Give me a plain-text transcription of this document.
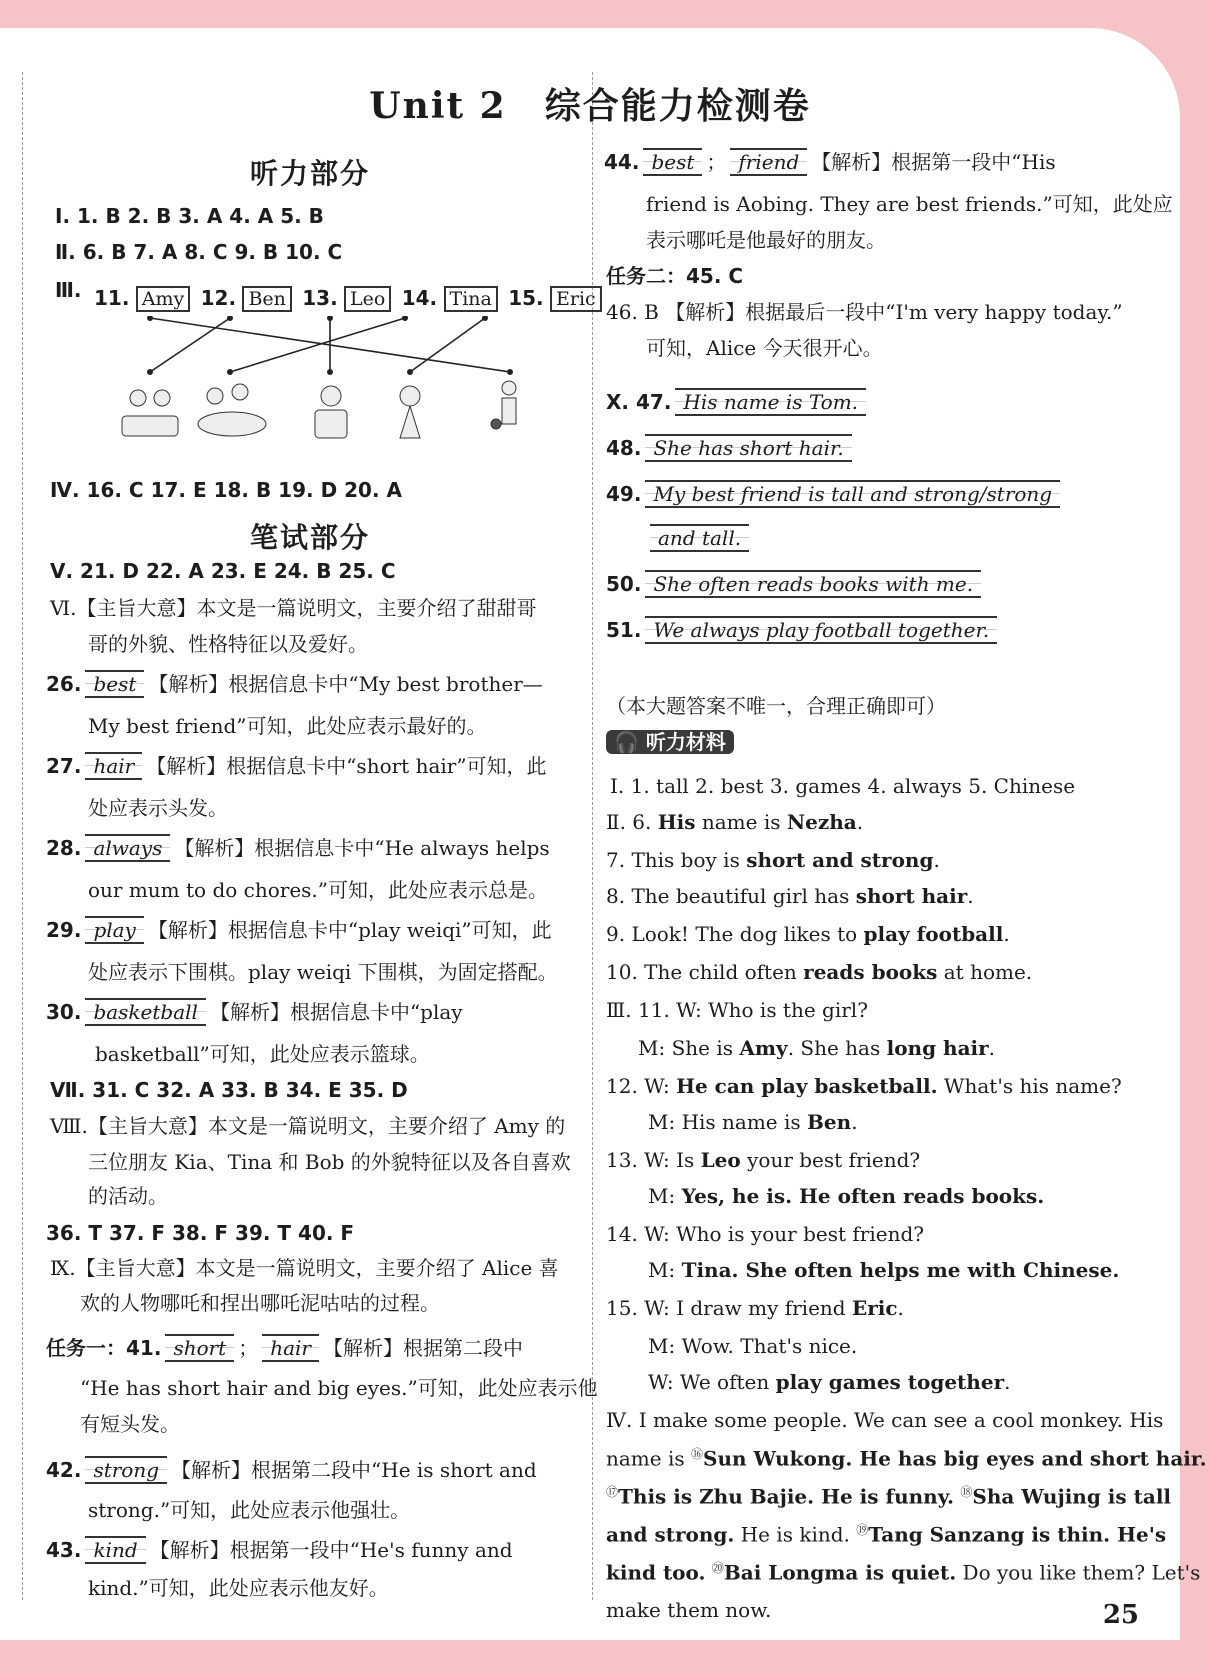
Unit 2　综合能力检测卷
听力部分
Ⅰ. 1. B 2. B 3. A 4. A 5. B
Ⅱ. 6. B 7. A 8. C 9. B 10. C
Ⅲ. 11. Amy 12. Ben 13. Leo 14. Tina 15. Eric
Ⅳ. 16. C 17. E 18. B 19. D 20. A
笔试部分
Ⅴ. 21. D 22. A 23. E 24. B 25. C
Ⅵ.【主旨大意】本文是一篇说明文，主要介绍了甜甜哥
哥的外貌、性格特征以及爱好。
26. best 【解析】根据信息卡中“My best brother—
My best friend”可知，此处应表示最好的。
27. hair 【解析】根据信息卡中“short hair”可知，此
处应表示头发。
28. always 【解析】根据信息卡中“He always helps
our mum to do chores.”可知，此处应表示总是。
29. play 【解析】根据信息卡中“play weiqi”可知，此
处应表示下围棋。play weiqi 下围棋，为固定搭配。
30. basketball 【解析】根据信息卡中“play
basketball”可知，此处应表示篮球。
Ⅶ. 31. C 32. A 33. B 34. E 35. D
Ⅷ.【主旨大意】本文是一篇说明文，主要介绍了 Amy 的
三位朋友 Kia、Tina 和 Bob 的外貌特征以及各自喜欢
的活动。
36. T 37. F 38. F 39. T 40. F
Ⅸ.【主旨大意】本文是一篇说明文，主要介绍了 Alice 喜
欢的人物哪吒和捏出哪吒泥咕咕的过程。
任务一：41. short ； hair 【解析】根据第二段中
“He has short hair and big eyes.”可知，此处应表示他
有短头发。
42. strong 【解析】根据第二段中“He is short and
strong.”可知，此处应表示他强壮。
43. kind 【解析】根据第一段中“He's funny and
kind.”可知，此处应表示他友好。
44. best ； friend 【解析】根据第一段中“His
friend is Aobing. They are best friends.”可知，此处应
表示哪吒是他最好的朋友。
任务二：45. C
46. B 【解析】根据最后一段中“I'm very happy today.”
可知，Alice 今天很开心。
Ⅹ. 47. His name is Tom.
48. She has short hair.
49. My best friend is tall and strong/strong
and tall.
50. She often reads books with me.
51. We always play football together.
（本大题答案不唯一，合理正确即可）
🎧 听力材料
Ⅰ. 1. tall 2. best 3. games 4. always 5. Chinese
Ⅱ. 6. His name is Nezha.
7. This boy is short and strong.
8. The beautiful girl has short hair.
9. Look! The dog likes to play football.
10. The child often reads books at home.
Ⅲ. 11. W: Who is the girl?
M: She is Amy. She has long hair.
12. W: He can play basketball. What's his name?
M: His name is Ben.
13. W: Is Leo your best friend?
M: Yes, he is. He often reads books.
14. W: Who is your best friend?
M: Tina. She often helps me with Chinese.
15. W: I draw my friend Eric.
M: Wow. That's nice.
W: We often play games together.
Ⅳ. I make some people. We can see a cool monkey. His
name is ⑯Sun Wukong. He has big eyes and short hair.
⑰This is Zhu Bajie. He is funny. ⑱Sha Wujing is tall
and strong. He is kind. ⑲Tang Sanzang is thin. He's
kind too. ⑳Bai Longma is quiet. Do you like them? Let's
make them now.	25
